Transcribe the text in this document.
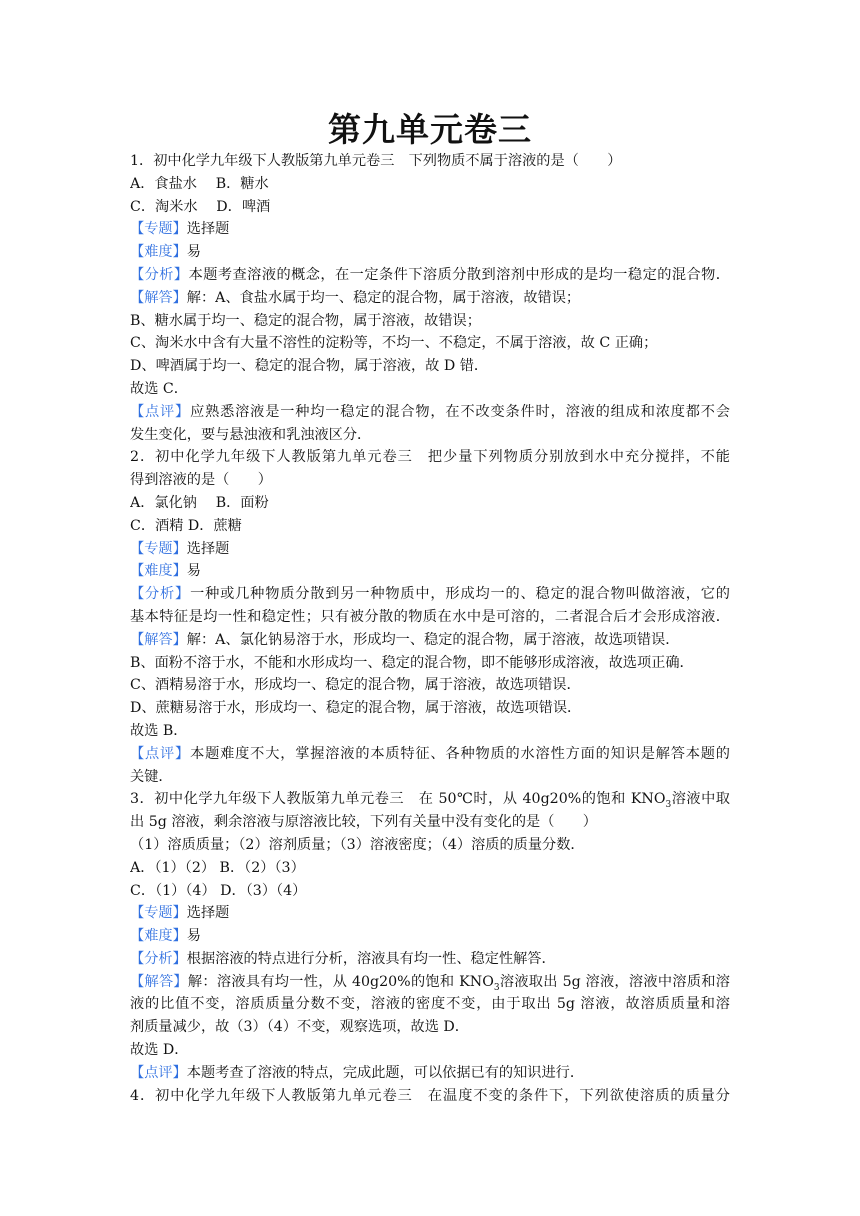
第九单元卷三
1．初中化学九年级下人教版第九单元卷三　下列物质不属于溶液的是（　　）
A．食盐水　 B．糖水
C．淘米水　 D．啤酒
【专题】选择题
【难度】易
【分析】本题考查溶液的概念，在一定条件下溶质分散到溶剂中形成的是均一稳定的混合物．
【解答】解：A、食盐水属于均一、稳定的混合物，属于溶液，故错误；
B、糖水属于均一、稳定的混合物，属于溶液，故错误；
C、淘米水中含有大量不溶性的淀粉等，不均一、不稳定，不属于溶液，故 C 正确；
D、啤酒属于均一、稳定的混合物，属于溶液，故 D 错．
故选 C．
【点评】应熟悉溶液是一种均一稳定的混合物，在不改变条件时，溶液的组成和浓度都不会
发生变化，要与悬浊液和乳浊液区分．
2．初中化学九年级下人教版第九单元卷三　把少量下列物质分别放到水中充分搅拌，不能
得到溶液的是（　　）
A．氯化钠　 B．面粉
C．酒精 D．蔗糖
【专题】选择题
【难度】易
【分析】一种或几种物质分散到另一种物质中，形成均一的、稳定的混合物叫做溶液，它的
基本特征是均一性和稳定性；只有被分散的物质在水中是可溶的，二者混合后才会形成溶液．
【解答】解：A、氯化钠易溶于水，形成均一、稳定的混合物，属于溶液，故选项错误．
B、面粉不溶于水，不能和水形成均一、稳定的混合物，即不能够形成溶液，故选项正确．
C、酒精易溶于水，形成均一、稳定的混合物，属于溶液，故选项错误．
D、蔗糖易溶于水，形成均一、稳定的混合物，属于溶液，故选项错误．
故选 B．
【点评】本题难度不大，掌握溶液的本质特征、各种物质的水溶性方面的知识是解答本题的
关键．
3．初中化学九年级下人教版第九单元卷三　在 50℃时，从 40g20%的饱和 $KNO_3$溶液中取
出 5g 溶液，剩余溶液与原溶液比较，下列有关量中没有变化的是（　　）
（1）溶质质量；（2）溶剂质量；（3）溶液密度；（4）溶质的质量分数．
A．（1）（2） B．（2）（3）
C．（1）（4） D．（3）（4）
【专题】选择题
【难度】易
【分析】根据溶液的特点进行分析，溶液具有均一性、稳定性解答．
【解答】解：溶液具有均一性，从 40g20%的饱和 $KNO_3$溶液取出 5g 溶液，溶液中溶质和溶
液的比值不变，溶质质量分数不变，溶液的密度不变，由于取出 5g 溶液，故溶质质量和溶
剂质量减少，故（3）（4）不变，观察选项，故选 D．
故选 D．
【点评】本题考查了溶液的特点，完成此题，可以依据已有的知识进行．
4．初中化学九年级下人教版第九单元卷三　在温度不变的条件下，下列欲使溶质的质量分
